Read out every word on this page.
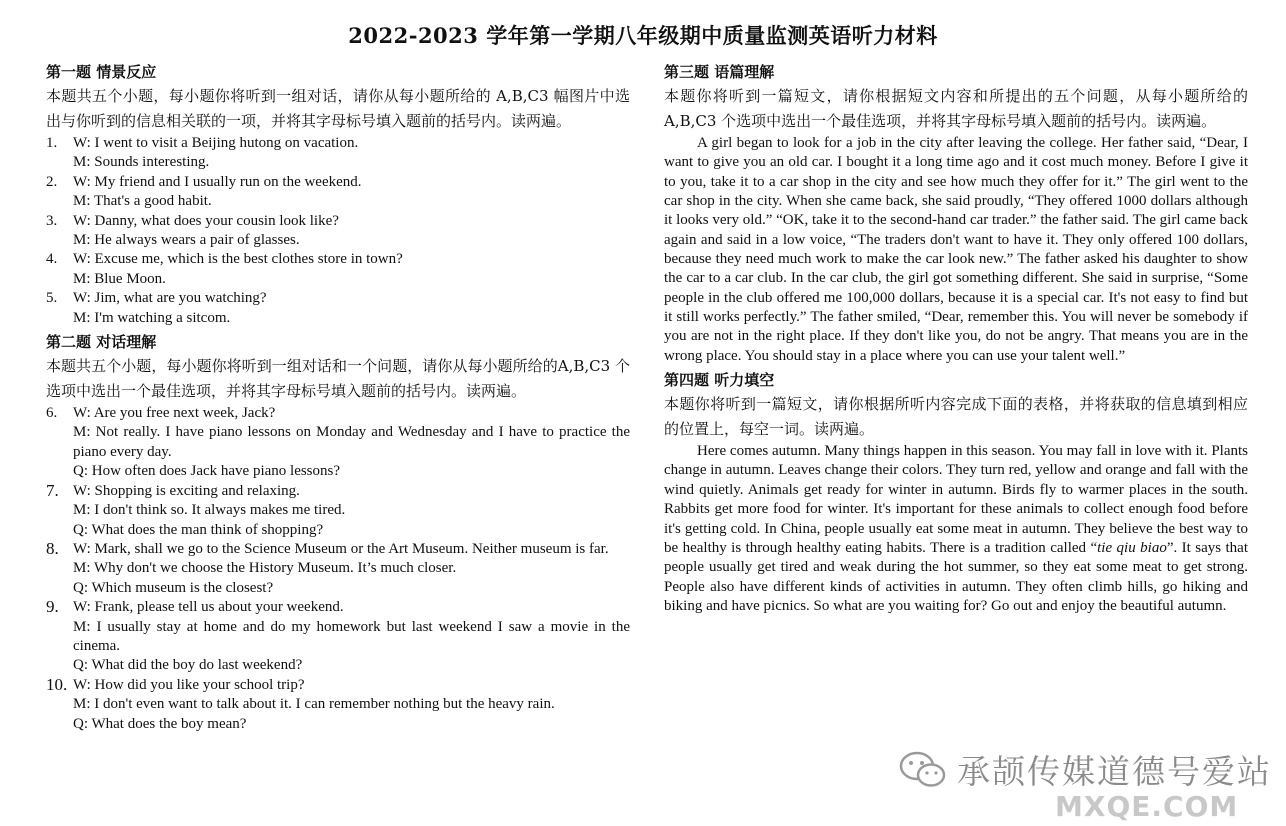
2022-2023 学年第一学期八年级期中质量监测英语听力材料

第一题 情景反应

本题共五个小题，每小题你将听到一组对话，请你从每小题所给的 A,B,C3 幅图片中选出与你听到的信息相关联的一项，并将其字母标号填入题前的括号内。读两遍。

1. W: I went to visit a Beijing hutong on vacation.
M: Sounds interesting.
2. W: My friend and I usually run on the weekend.
M: That's a good habit.
3. W: Danny, what does your cousin look like?
M: He always wears a pair of glasses.
4. W: Excuse me, which is the best clothes store in town?
M: Blue Moon.
5. W: Jim, what are you watching?
M: I'm watching a sitcom.

第二题 对话理解

本题共五个小题，每小题你将听到一组对话和一个问题，请你从每小题所给的A,B,C3 个选项中选出一个最佳选项，并将其字母标号填入题前的括号内。读两遍。

6. W: Are you free next week, Jack?
M: Not really. I have piano lessons on Monday and Wednesday and I have to practice the piano every day.
Q: How often does Jack have piano lessons?
7. W: Shopping is exciting and relaxing.
M: I don't think so. It always makes me tired.
Q: What does the man think of shopping?
8. W: Mark, shall we go to the Science Museum or the Art Museum. Neither museum is far.
M: Why don't we choose the History Museum. It’s much closer.
Q: Which museum is the closest?
9. W: Frank, please tell us about your weekend.
M: I usually stay at home and do my homework but last weekend I saw a movie in the cinema.
Q: What did the boy do last weekend?
10. W: How did you like your school trip?
M: I don't even want to talk about it. I can remember nothing but the heavy rain.
Q: What does the boy mean?

第三题 语篇理解

本题你将听到一篇短文，请你根据短文内容和所提出的五个问题，从每小题所给的 A,B,C3 个选项中选出一个最佳选项，并将其字母标号填入题前的括号内。读两遍。

A girl began to look for a job in the city after leaving the college. Her father said, “Dear, I want to give you an old car. I bought it a long time ago and it cost much money. Before I give it to you, take it to a car shop in the city and see how much they offer for it.” The girl went to the car shop in the city. When she came back, she said proudly, “They offered 1000 dollars although it looks very old.” “OK, take it to the second-hand car trader.” the father said. The girl came back again and said in a low voice, “The traders don't want to have it. They only offered 100 dollars, because they need much work to make the car look new.” The father asked his daughter to show the car to a car club. In the car club, the girl got something different. She said in surprise, “Some people in the club offered me 100,000 dollars, because it is a special car. It's not easy to find but it still works perfectly.” The father smiled, “Dear, remember this. You will never be somebody if you are not in the right place. If they don't like you, do not be angry. That means you are in the wrong place. You should stay in a place where you can use your talent well.”

第四题 听力填空

本题你将听到一篇短文，请你根据所听内容完成下面的表格，并将获取的信息填到相应的位置上，每空一词。读两遍。

Here comes autumn. Many things happen in this season. You may fall in love with it. Plants change in autumn. Leaves change their colors. They turn red, yellow and orange and fall with the wind quietly. Animals get ready for winter in autumn. Birds fly to warmer places in the south. Rabbits get more food for winter. It's important for these animals to collect enough food before it's getting cold. In China, people usually eat some meat in autumn. They believe the best way to be healthy is through healthy eating habits. There is a tradition called “tie qiu biao”. It says that people usually get tired and weak during the hot summer, so they eat some meat to get strong. People also have different kinds of activities in autumn. They often climb hills, go hiking and biking and have picnics. So what are you waiting for? Go out and enjoy the beautiful autumn.

承颉传媒道德号爱站
MXQE.COM
